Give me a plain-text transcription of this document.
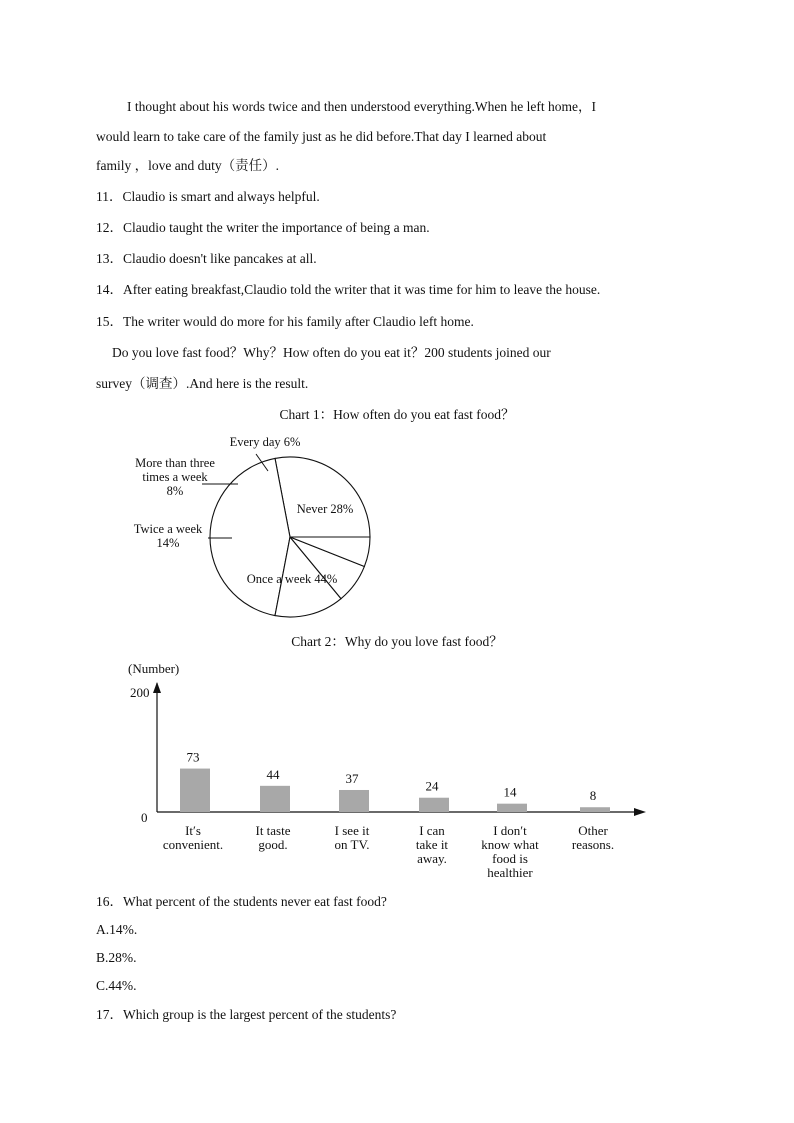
I thought about his words twice and then understood everything.When he left home，I
would learn to take care of the family just as he did before.That day I learned about
family ，love and duty（责任）.
11．Claudio is smart and always helpful.
12．Claudio taught the writer the importance of being a man.
13．Claudio doesn't like pancakes at all.
14．After eating breakfast,Claudio told the writer that it was time for him to leave the house.
15．The writer would do more for his family after Claudio left home.
Do you love fast food？Why？How often do you eat it？200 students joined our
survey（调查）.And here is the result.
Chart 1：How often do you eat fast food？
Never 28%
Once a week 44%
Twice a week
14%
More than three
times a week
8%
Every day 6%
Chart 2：Why do you love fast food？
(Number)
200
0
73
It′s
convenient.
44
It taste
good.
37
I see it
on TV.
24
I can
take it
away.
14
I don′t
know what
food is
healthier
8
Other
reasons.
16．What percent of the students never eat fast food?
A.14%.
B.28%.
C.44%.
17．Which group is the largest percent of the students?
